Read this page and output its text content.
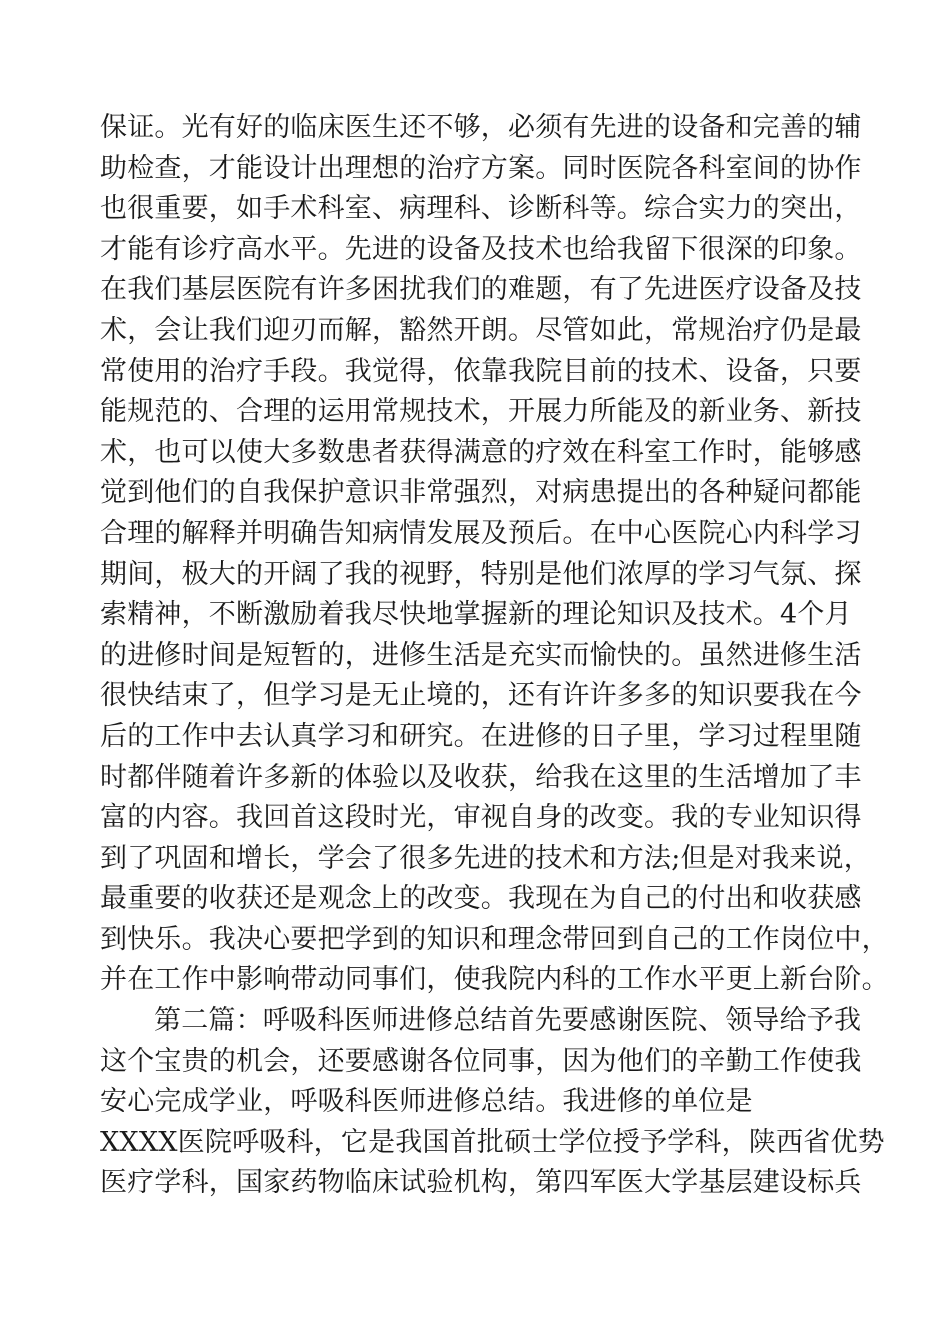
保证。光有好的临床医生还不够，必须有先进的设备和完善的辅
助检查，才能设计出理想的治疗方案。同时医院各科室间的协作
也很重要，如手术科室、病理科、诊断科等。综合实力的突出，
才能有诊疗高水平。先进的设备及技术也给我留下很深的印象。
在我们基层医院有许多困扰我们的难题，有了先进医疗设备及技
术，会让我们迎刃而解，豁然开朗。尽管如此，常规治疗仍是最
常使用的治疗手段。我觉得，依靠我院目前的技术、设备，只要
能规范的、合理的运用常规技术，开展力所能及的新业务、新技
术，也可以使大多数患者获得满意的疗效在科室工作时，能够感
觉到他们的自我保护意识非常强烈，对病患提出的各种疑问都能
合理的解释并明确告知病情发展及预后。在中心医院心内科学习
期间，极大的开阔了我的视野，特别是他们浓厚的学习气氛、探
索精神，不断激励着我尽快地掌握新的理论知识及技术。4个月
的进修时间是短暂的，进修生活是充实而愉快的。虽然进修生活
很快结束了，但学习是无止境的，还有许许多多的知识要我在今
后的工作中去认真学习和研究。在进修的日子里，学习过程里随
时都伴随着许多新的体验以及收获，给我在这里的生活增加了丰
富的内容。我回首这段时光，审视自身的改变。我的专业知识得
到了巩固和增长，学会了很多先进的技术和方法;但是对我来说，
最重要的收获还是观念上的改变。我现在为自己的付出和收获感
到快乐。我决心要把学到的知识和理念带回到自己的工作岗位中，
并在工作中影响带动同事们，使我院内科的工作水平更上新台阶。
第二篇：呼吸科医师进修总结首先要感谢医院、领导给予我
这个宝贵的机会，还要感谢各位同事，因为他们的辛勤工作使我
安心完成学业，呼吸科医师进修总结。我进修的单位是
XXXX医院呼吸科，它是我国首批硕士学位授予学科，陕西省优势
医疗学科，国家药物临床试验机构，第四军医大学基层建设标兵
